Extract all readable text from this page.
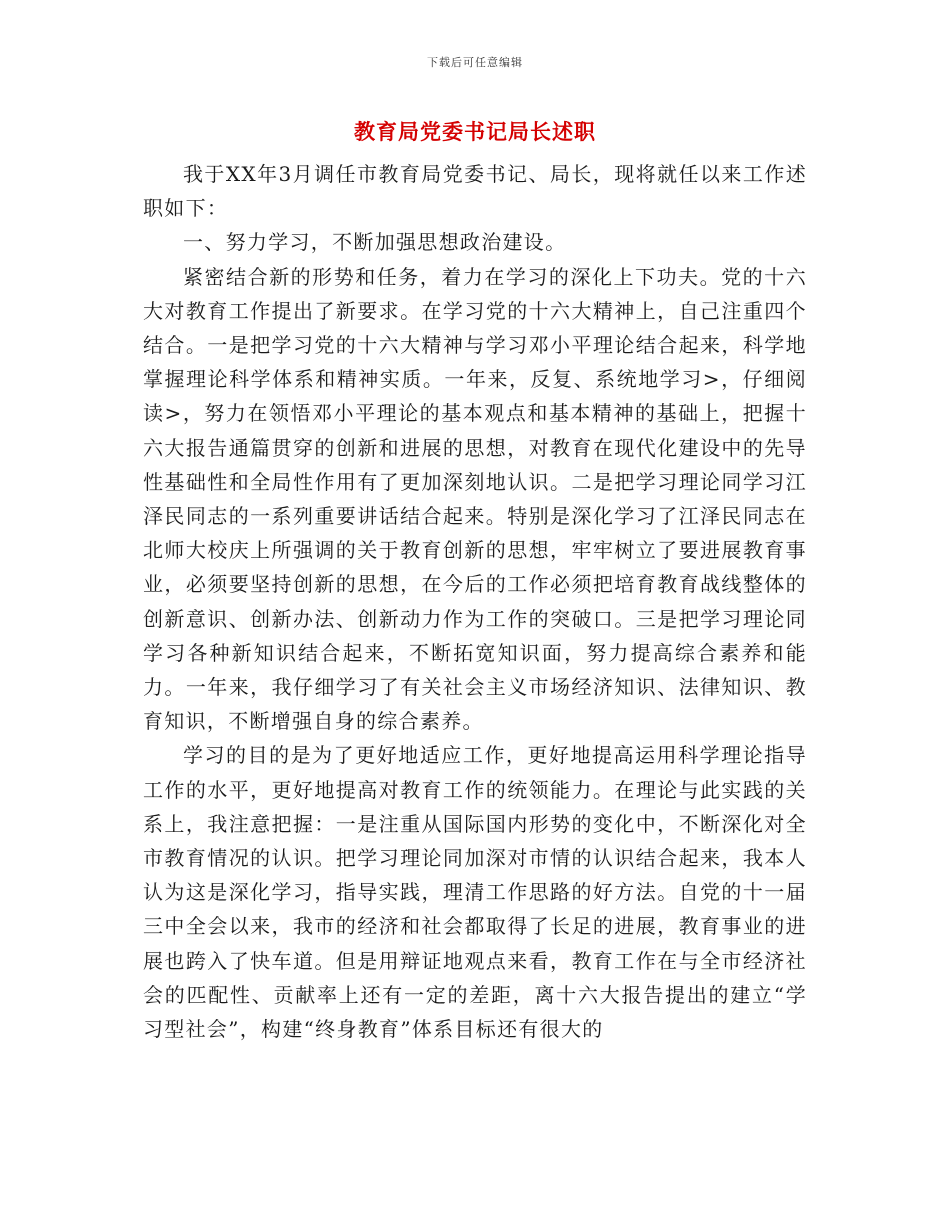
下载后可任意编辑
教育局党委书记局长述职

我于XX年3月调任市教育局党委书记、局长，现将就任以来工作述职如下：

一、努力学习，不断加强思想政治建设。

紧密结合新的形势和任务，着力在学习的深化上下功夫。党的十六大对教育工作提出了新要求。在学习党的十六大精神上，自己注重四个结合。一是把学习党的十六大精神与学习邓小平理论结合起来，科学地掌握理论科学体系和精神实质。一年来，反复、系统地学习>，仔细阅读>，努力在领悟邓小平理论的基本观点和基本精神的基础上，把握十六大报告通篇贯穿的创新和进展的思想，对教育在现代化建设中的先导性基础性和全局性作用有了更加深刻地认识。二是把学习理论同学习江泽民同志的一系列重要讲话结合起来。特别是深化学习了江泽民同志在北师大校庆上所强调的关于教育创新的思想，牢牢树立了要进展教育事业，必须要坚持创新的思想，在今后的工作必须把培育教育战线整体的创新意识、创新办法、创新动力作为工作的突破口。三是把学习理论同学习各种新知识结合起来，不断拓宽知识面，努力提高综合素养和能力。一年来，我仔细学习了有关社会主义市场经济知识、法律知识、教育知识，不断增强自身的综合素养。

学习的目的是为了更好地适应工作，更好地提高运用科学理论指导工作的水平，更好地提高对教育工作的统领能力。在理论与此实践的关系上，我注意把握：一是注重从国际国内形势的变化中，不断深化对全市教育情况的认识。把学习理论同加深对市情的认识结合起来，我本人认为这是深化学习，指导实践，理清工作思路的好方法。自党的十一届三中全会以来，我市的经济和社会都取得了长足的进展，教育事业的进展也跨入了快车道。但是用辩证地观点来看，教育工作在与全市经济社会的匹配性、贡献率上还有一定的差距，离十六大报告提出的建立“学习型社会”，构建“终身教育”体系目标还有很大的
